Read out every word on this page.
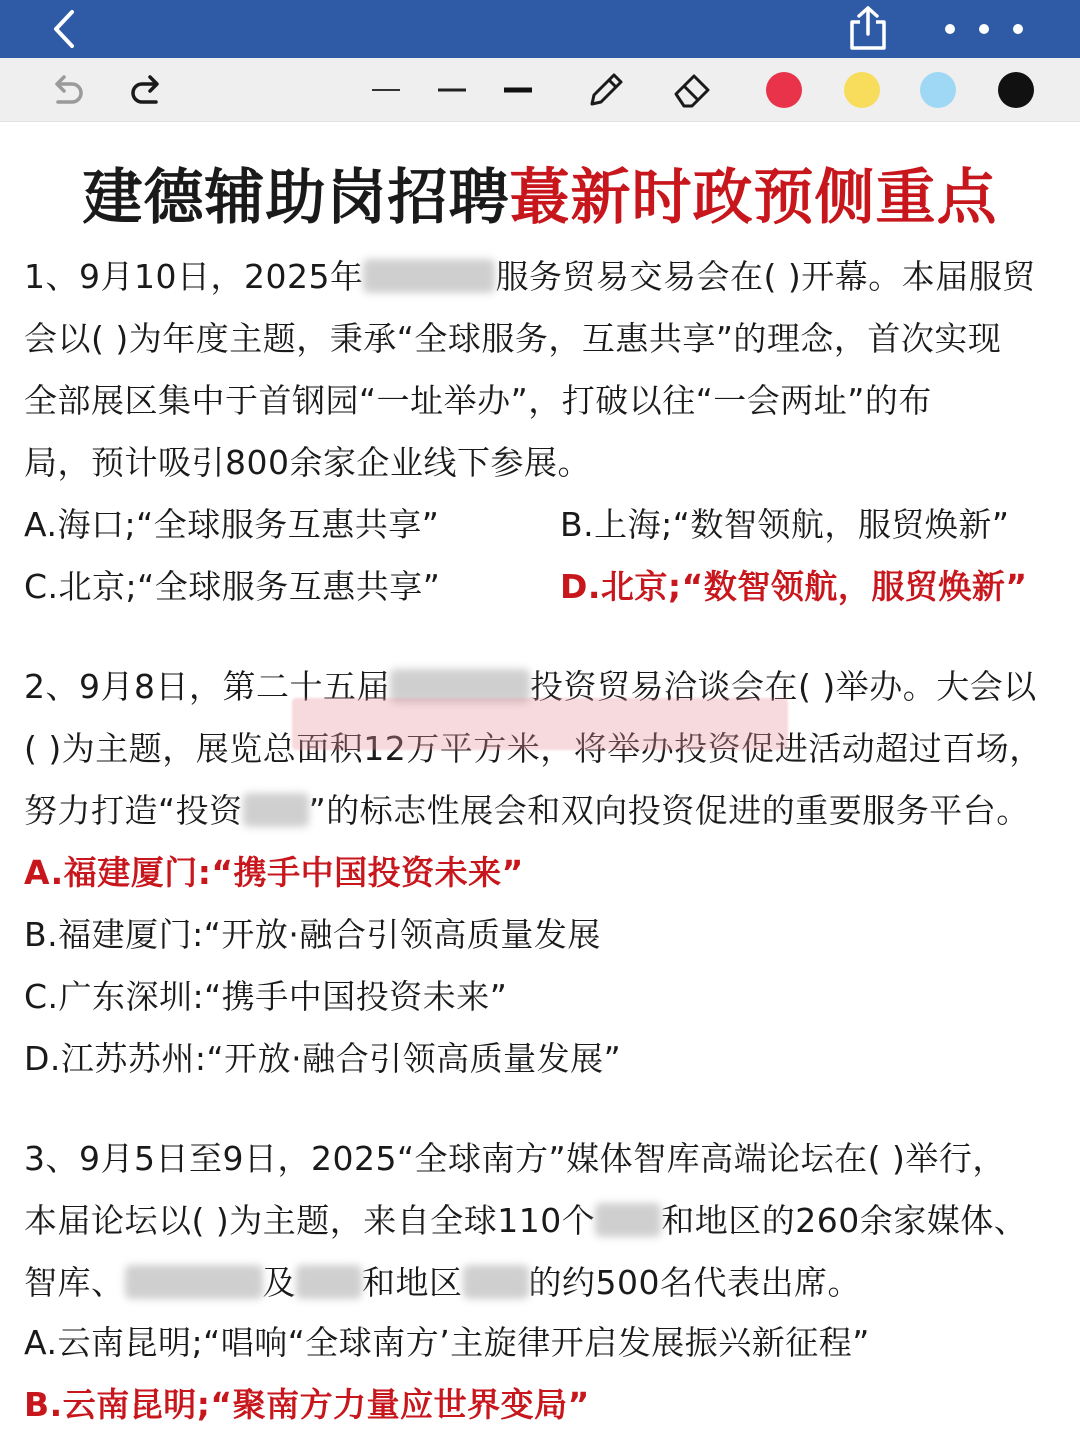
建德辅助岗招聘蕞新时政预侧重点
1、9月10日，2025年	服务贸易交易会在( )开幕。本届服贸
会以( )为年度主题，秉承“全球服务，互惠共享”的理念，首次实现
全部展区集中于首钢园“一址举办”，打破以往“一会两址”的布
局，预计吸引800余家企业线下参展。
A.海口;“全球服务互惠共享”	B.上海;“数智领航，服贸焕新”
C.北京;“全球服务互惠共享”	D.北京;“数智领航，服贸焕新”
2、9月8日，第二十五届	投资贸易洽谈会在( )举办。大会以
( )为主题，展览总面积12万平方米，将举办投资促进活动超过百场，
努力打造“投资 ”的标志性展会和双向投资促进的重要服务平台。
A.福建厦门:“携手中国投资未来”
B.福建厦门:“开放·融合引领高质量发展
C.广东深圳:“携手中国投资未来”
D.江苏苏州:“开放·融合引领高质量发展”
3、9月5日至9日，2025“全球南方”媒体智库高端论坛在( )举行，
本届论坛以( )为主题，来自全球110个 和地区的260余家媒体、
智库、	及 和地区 的约500名代表出席。
A.云南昆明;“唱响“全球南方’主旋律开启发展振兴新征程”
B.云南昆明;“聚南方力量应世界变局”
